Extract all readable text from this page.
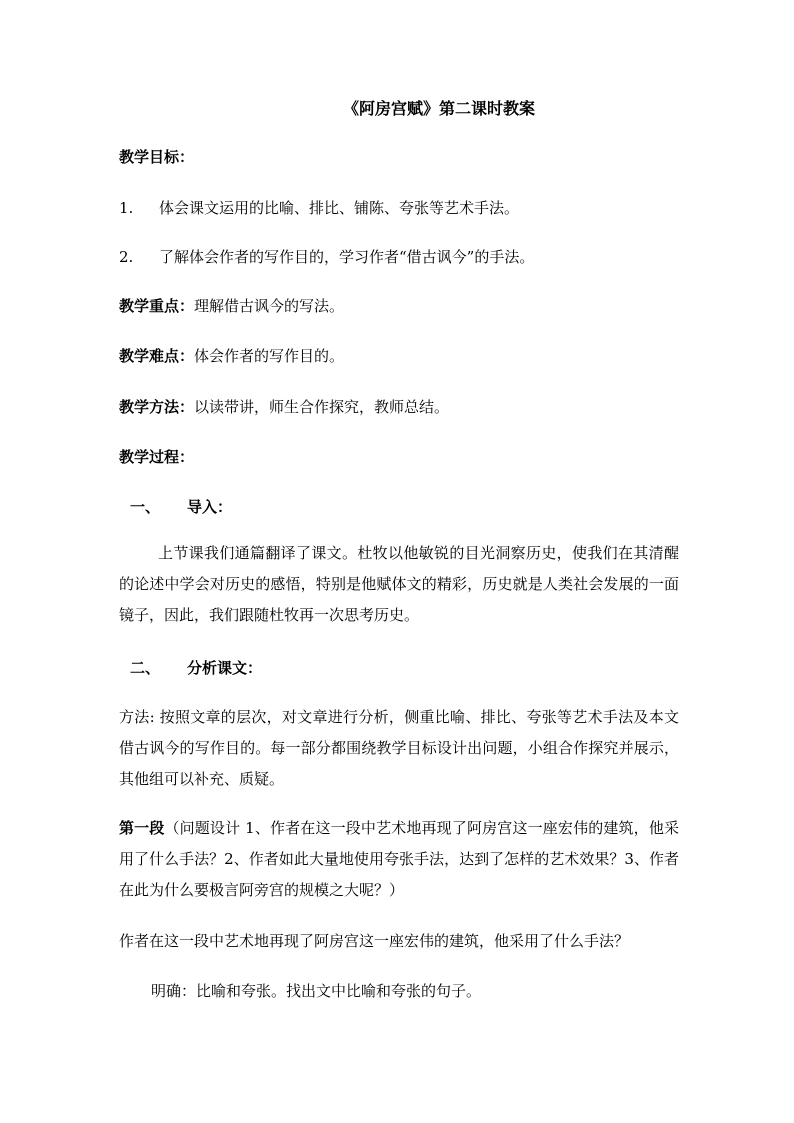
《阿房宫赋》第二课时教案
教学目标：
1. 体会课文运用的比喻、排比、铺陈、夸张等艺术手法。
2. 了解体会作者的写作目的，学习作者“借古讽今”的手法。
教学重点：理解借古讽今的写法。
教学难点：体会作者的写作目的。
教学方法：以读带讲，师生合作探究，教师总结。
教学过程：
一、 导入：
上节课我们通篇翻译了课文。杜牧以他敏锐的目光洞察历史，使我们在其清醒的论述中学会对历史的感悟，特别是他赋体文的精彩，历史就是人类社会发展的一面镜子，因此，我们跟随杜牧再一次思考历史。
二、 分析课文：
方法: 按照文章的层次，对文章进行分析，侧重比喻、排比、夸张等艺术手法及本文借古讽今的写作目的。每一部分都围绕教学目标设计出问题，小组合作探究并展示，其他组可以补充、质疑。
第一段（问题设计 1、作者在这一段中艺术地再现了阿房宫这一座宏伟的建筑，他采用了什么手法？2、作者如此大量地使用夸张手法，达到了怎样的艺术效果？3、作者在此为什么要极言阿旁宫的规模之大呢？）
作者在这一段中艺术地再现了阿房宫这一座宏伟的建筑，他采用了什么手法？
明确：比喻和夸张。找出文中比喻和夸张的句子。
